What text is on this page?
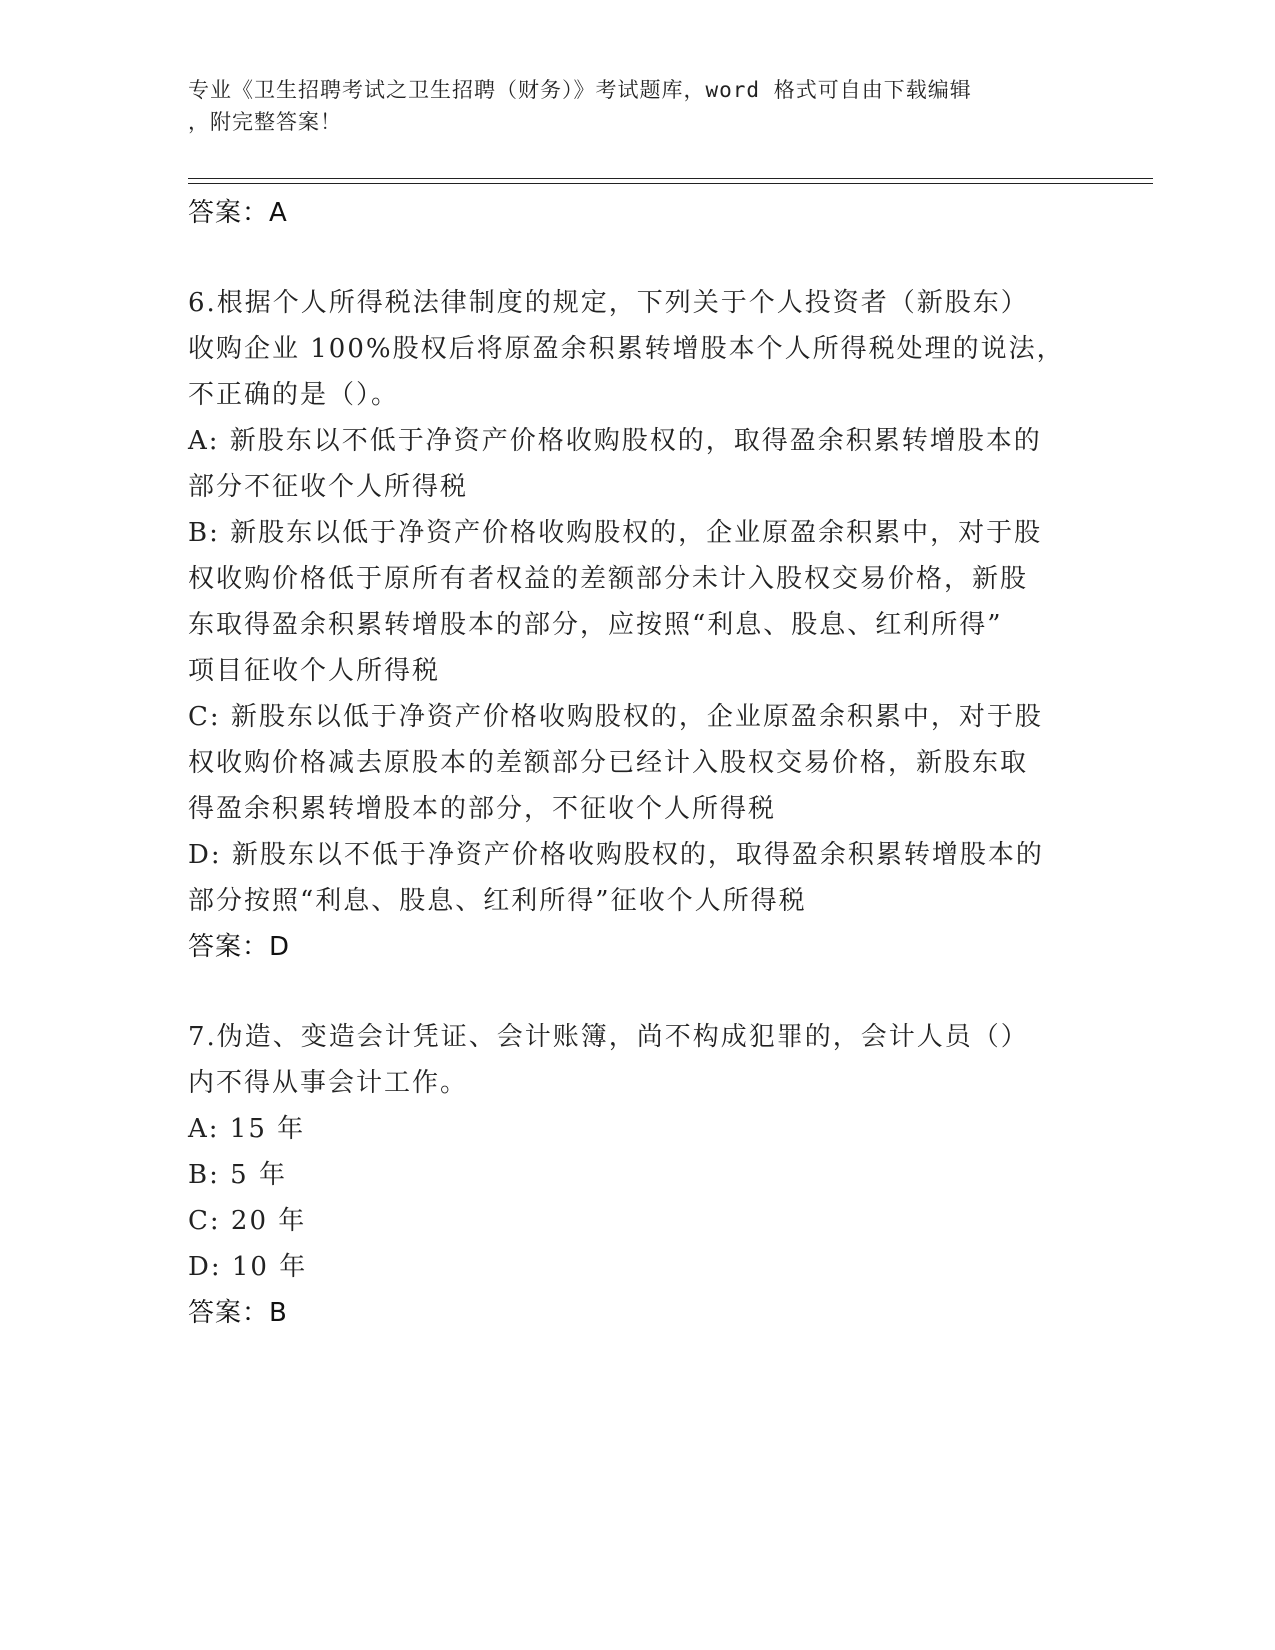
专业《卫生招聘考试之卫生招聘（财务）》考试题库，word 格式可自由下载编辑
，附完整答案！
答案：A
6.根据个人所得税法律制度的规定，下列关于个人投资者（新股东）
收购企业 100%股权后将原盈余积累转增股本个人所得税处理的说法，
不正确的是（）。
A: 新股东以不低于净资产价格收购股权的，取得盈余积累转增股本的
部分不征收个人所得税
B: 新股东以低于净资产价格收购股权的，企业原盈余积累中，对于股
权收购价格低于原所有者权益的差额部分未计入股权交易价格，新股
东取得盈余积累转增股本的部分，应按照“利息、股息、红利所得”
项目征收个人所得税
C: 新股东以低于净资产价格收购股权的，企业原盈余积累中，对于股
权收购价格减去原股本的差额部分已经计入股权交易价格，新股东取
得盈余积累转增股本的部分，不征收个人所得税
D: 新股东以不低于净资产价格收购股权的，取得盈余积累转增股本的
部分按照“利息、股息、红利所得”征收个人所得税
答案：D
7.伪造、变造会计凭证、会计账簿，尚不构成犯罪的，会计人员（）
内不得从事会计工作。
A: 15 年
B: 5 年
C: 20 年
D: 10 年
答案：B
